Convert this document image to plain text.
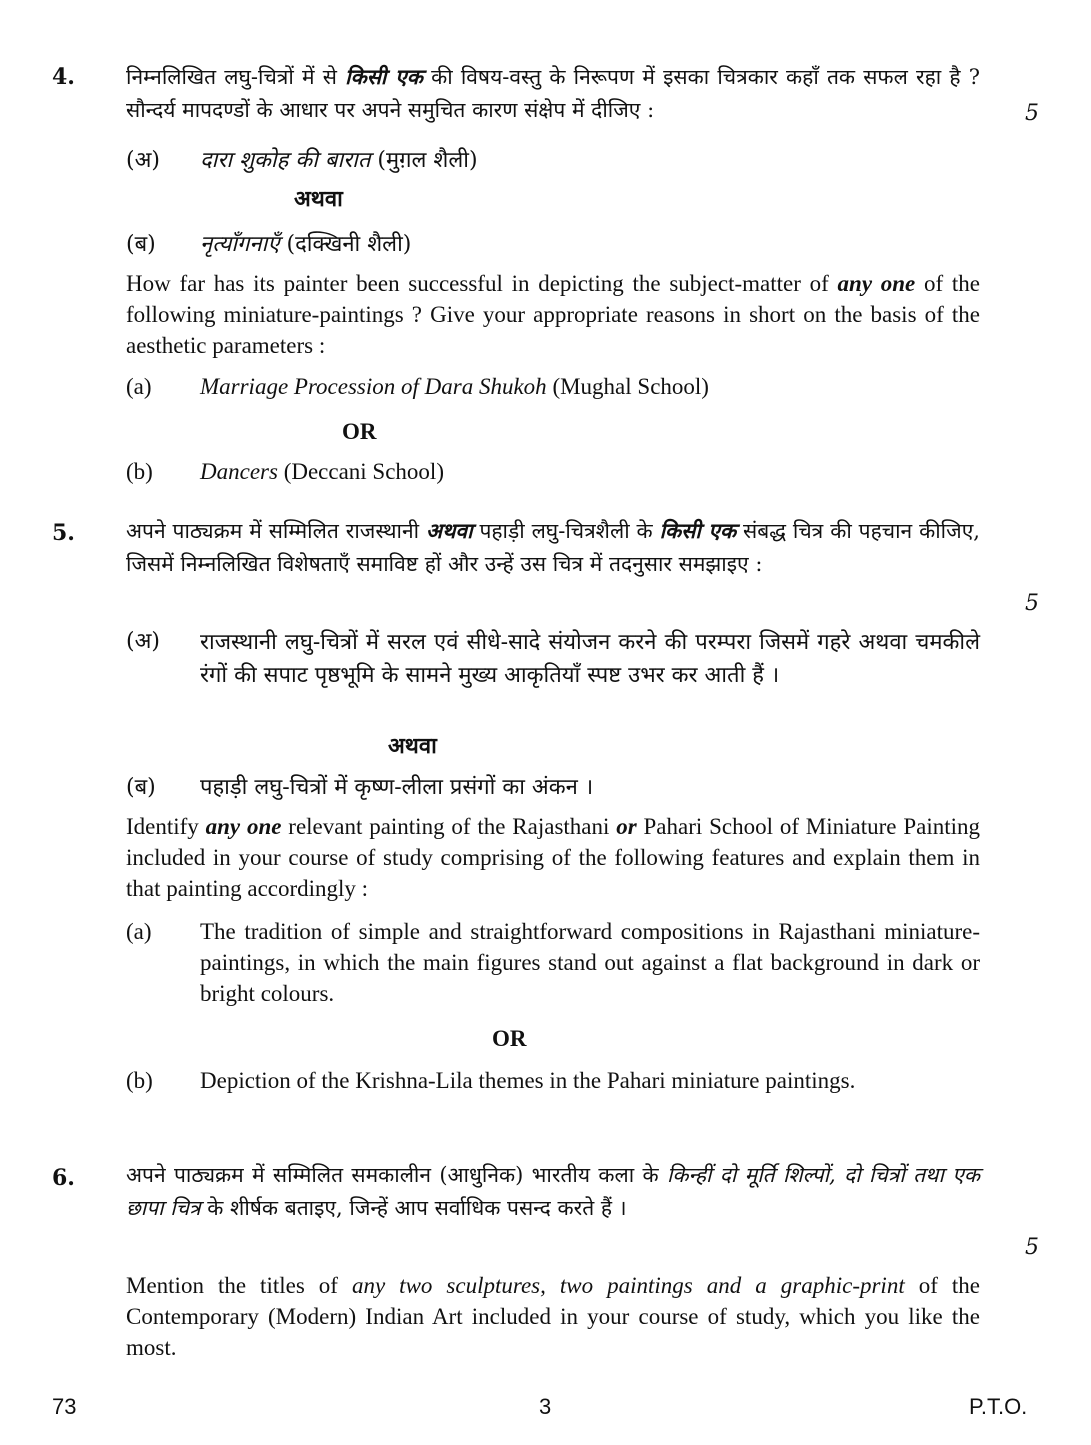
4. निम्नलिखित लघु-चित्रों में से किसी एक की विषय-वस्तु के निरूपण में इसका चित्रकार कहाँ तक सफल रहा है ? सौन्दर्य मापदण्डों के आधार पर अपने समुचित कारण संक्षेप में दीजिए :	5
(अ) दारा शुकोह की बारात (मुग़ल शैली)
अथवा
(ब) नृत्याँगनाएँ (दक्खिनी शैली)
How far has its painter been successful in depicting the subject-matter of any one of the following miniature-paintings ? Give your appropriate reasons in short on the basis of the aesthetic parameters :
(a) Marriage Procession of Dara Shukoh (Mughal School)
OR
(b) Dancers (Deccani School)
5. अपने पाठ्यक्रम में सम्मिलित राजस्थानी अथवा पहाड़ी लघु-चित्रशैली के किसी एक संबद्ध चित्र की पहचान कीजिए, जिसमें निम्नलिखित विशेषताएँ समाविष्ट हों और उन्हें उस चित्र में तदनुसार समझाइए :
5
(अ) राजस्थानी लघु-चित्रों में सरल एवं सीधे-सादे संयोजन करने की परम्परा जिसमें गहरे अथवा चमकीले रंगों की सपाट पृष्ठभूमि के सामने मुख्य आकृतियाँ स्पष्ट उभर कर आती हैं ।
अथवा
(ब) पहाड़ी लघु-चित्रों में कृष्ण-लीला प्रसंगों का अंकन ।
Identify any one relevant painting of the Rajasthani or Pahari School of Miniature Painting included in your course of study comprising of the following features and explain them in that painting accordingly :
(a) The tradition of simple and straightforward compositions in Rajasthani miniature-paintings, in which the main figures stand out against a flat background in dark or bright colours.
OR
(b) Depiction of the Krishna-Lila themes in the Pahari miniature paintings.
6. अपने पाठ्यक्रम में सम्मिलित समकालीन (आधुनिक) भारतीय कला के किन्हीं दो मूर्ति शिल्पों, दो चित्रों तथा एक छापा चित्र के शीर्षक बताइए, जिन्हें आप सर्वाधिक पसन्द करते हैं ।
5
Mention the titles of any two sculptures, two paintings and a graphic-print of the Contemporary (Modern) Indian Art included in your course of study, which you like the most.
73	3	P.T.O.
